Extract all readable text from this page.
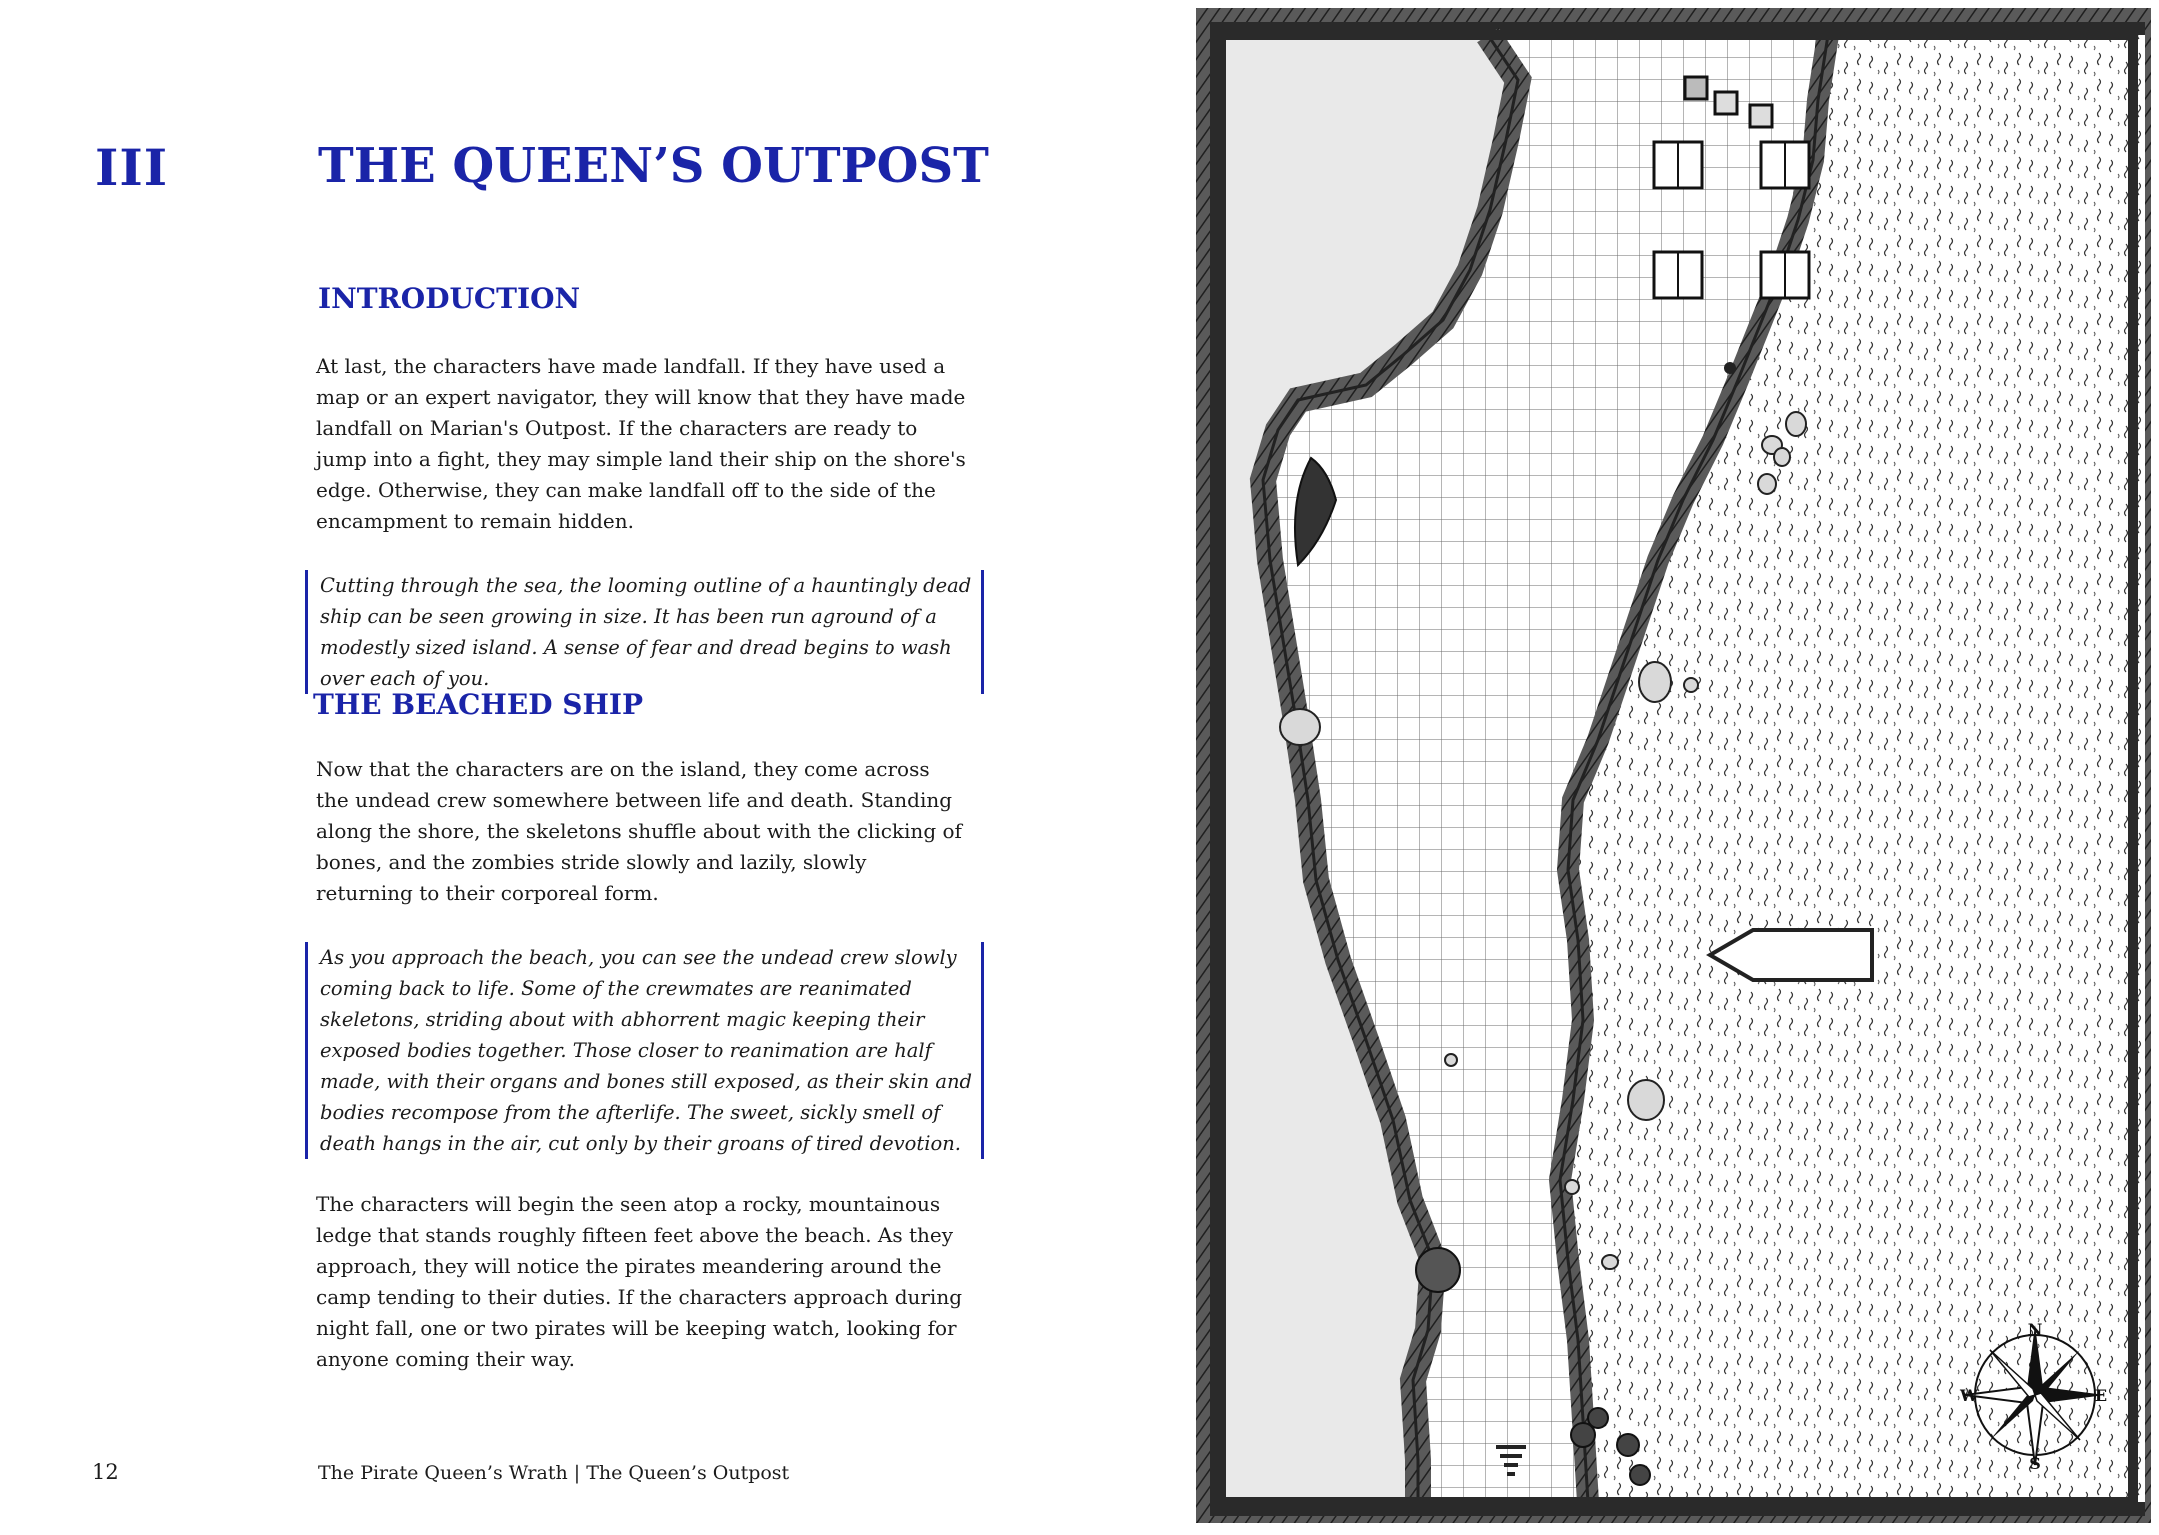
III	THE QUEEN’S OUTPOST
INTRODUCTION

At last, the characters have made landfall. If they have used a map or an expert navigator, they will know that they have made landfall on Marian's Outpost. If the characters are ready to jump into a fight, they may simple land their ship on the shore's edge. Otherwise, they can make landfall off to the side of the encampment to remain hidden.

Cutting through the sea, the looming outline of a hauntingly dead ship can be seen growing in size. It has been run aground of a modestly sized island. A sense of fear and dread begins to wash over each of you.

THE BEACHED SHIP

Now that the characters are on the island, they come across the undead crew somewhere between life and death. Standing along the shore, the skeletons shuffle about with the clicking of bones, and the zombies stride slowly and lazily, slowly returning to their corporeal form.

As you approach the beach, you can see the undead crew slowly coming back to life. Some of the crewmates are reanimated skeletons, striding about with abhorrent magic keeping their exposed bodies together. Those closer to reanimation are half made, with their organs and bones still exposed, as their skin and bodies recompose from the afterlife. The sweet, sickly smell of death hangs in the air, cut only by their groans of tired devotion.

The characters will begin the seen atop a rocky, mountainous ledge that stands roughly fifteen feet above the beach. As they approach, they will notice the pirates meandering around the camp tending to their duties. If the characters approach during night fall, one or two pirates will be keeping watch, looking for anyone coming their way.

12	The Pirate Queen’s Wrath | The Queen’s Outpost
N
E
S
W
